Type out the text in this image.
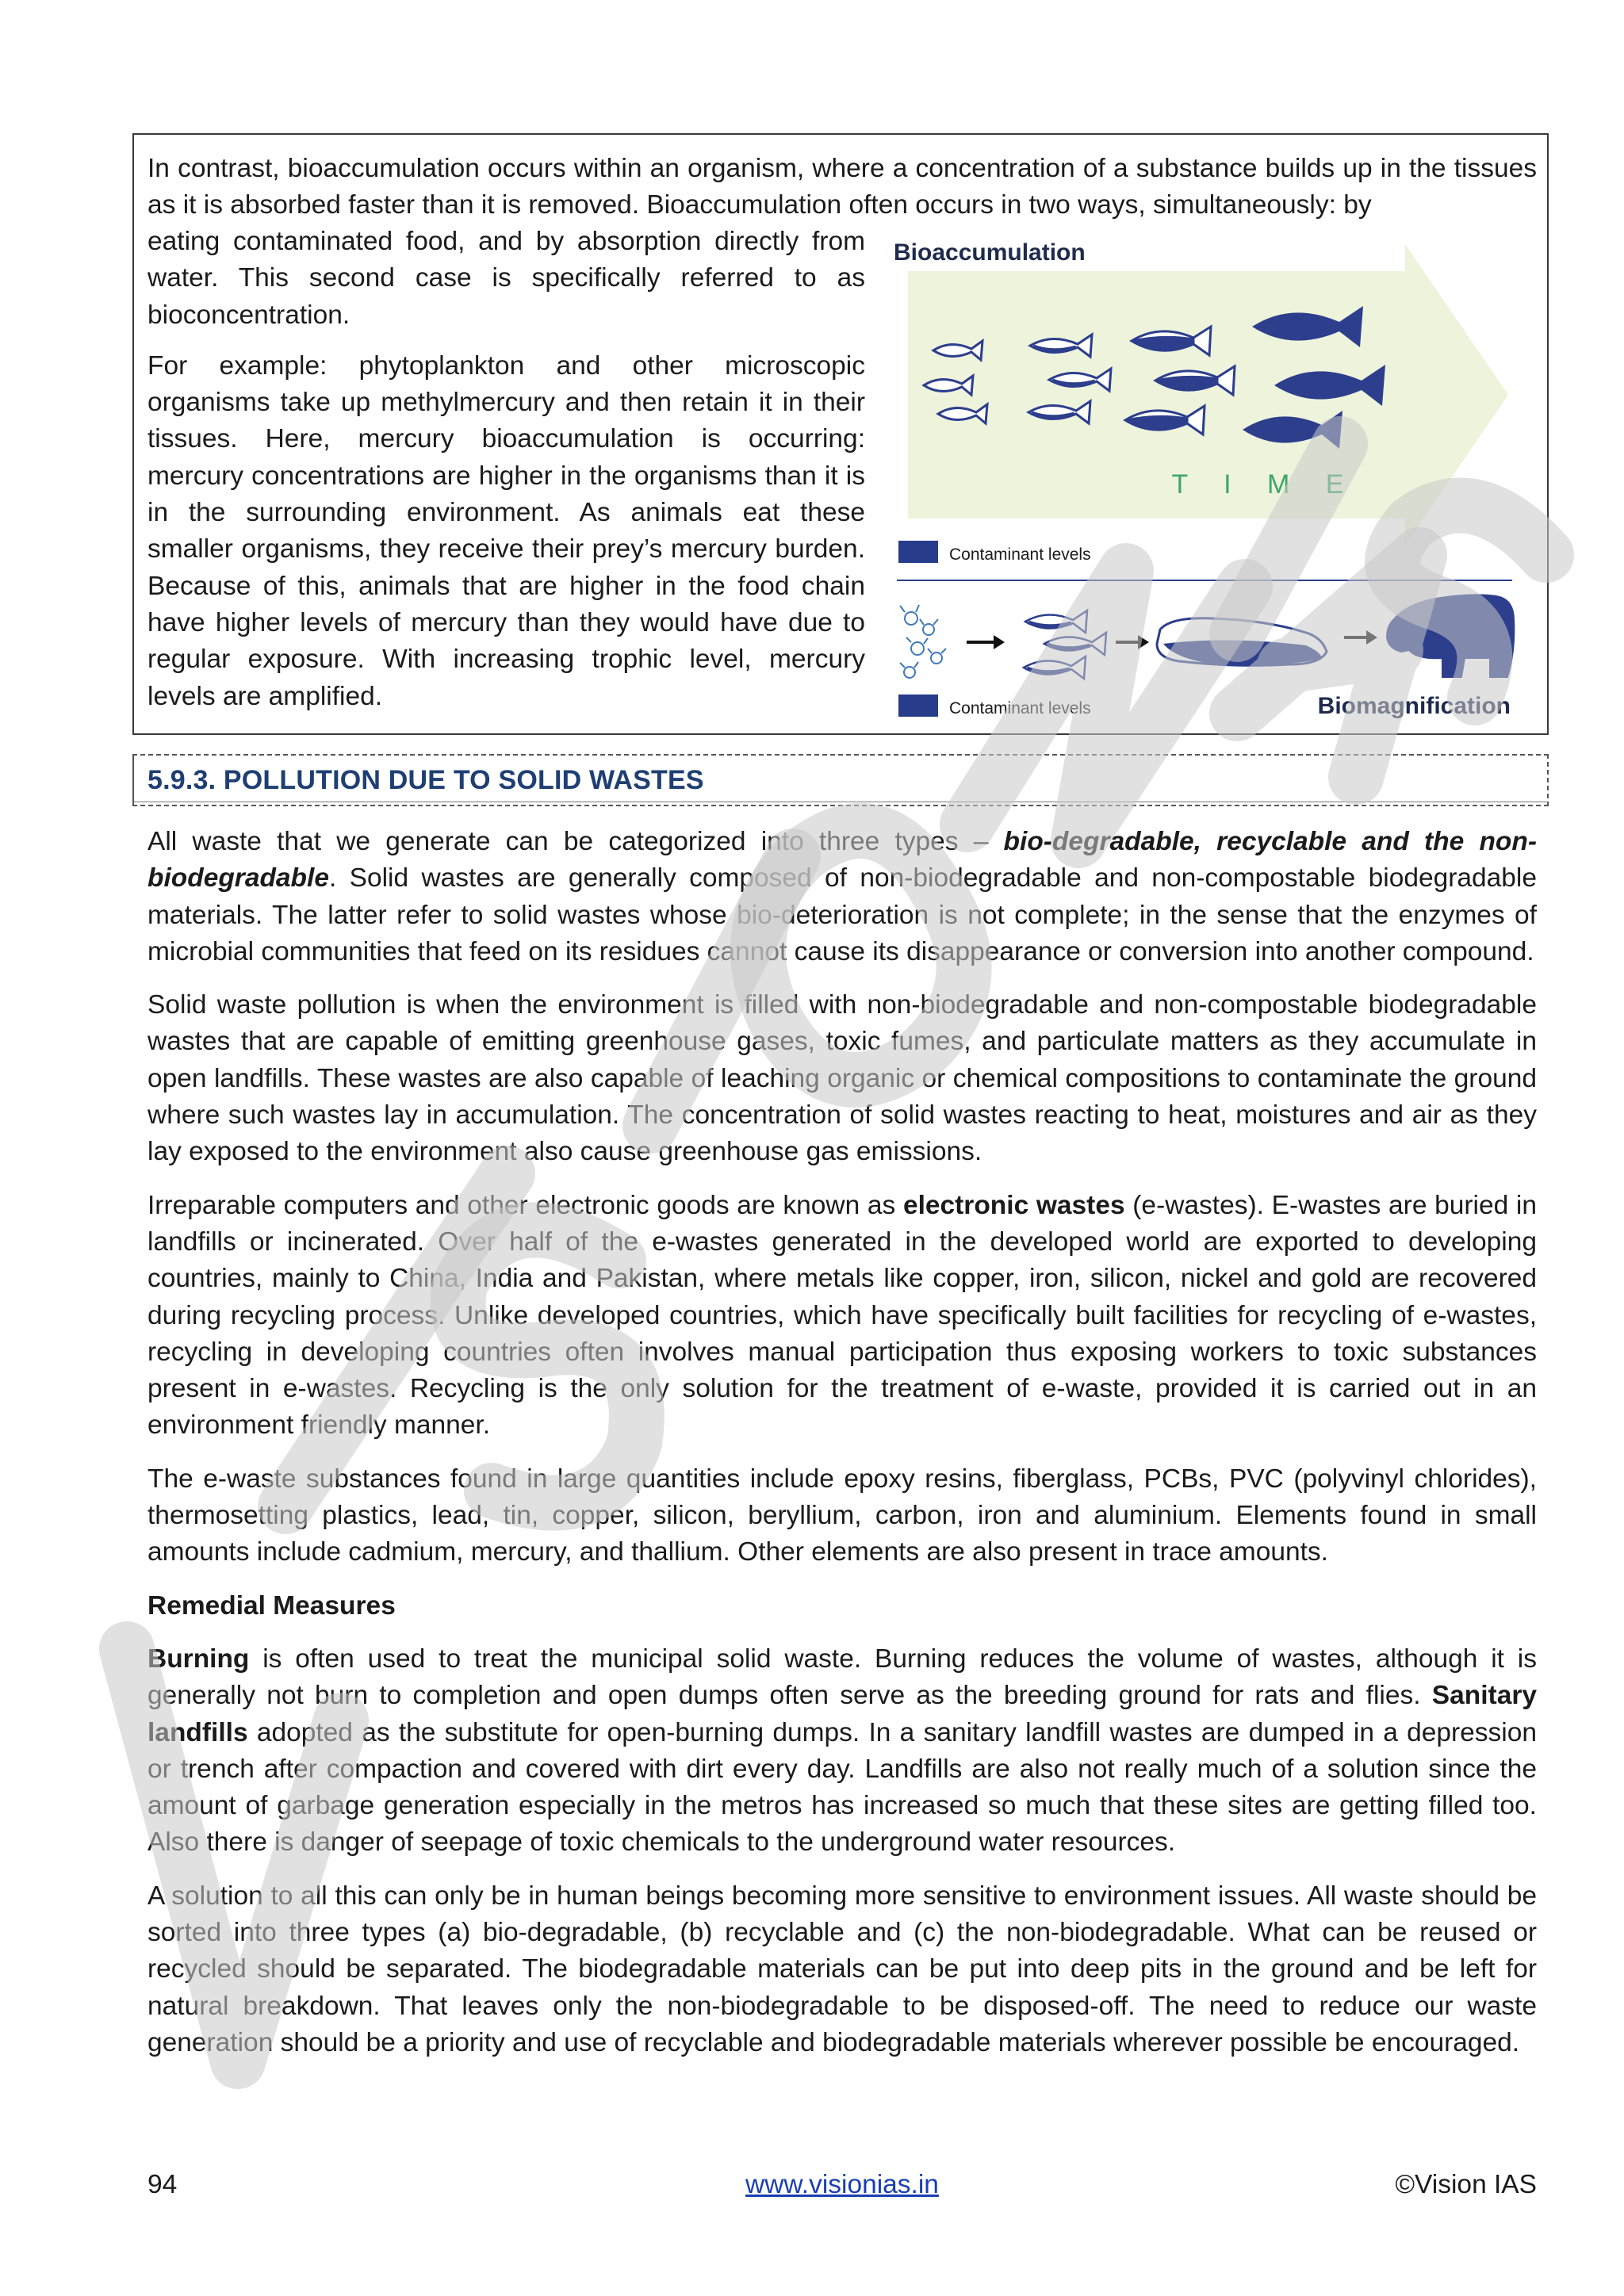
In contrast, bioaccumulation occurs within an organism, where a concentration of a substance builds up in the tissues as it is absorbed faster than it is removed. Bioaccumulation often occurs in two ways, simultaneously: by

eating contaminated food, and by absorption directly from water. This second case is specifically referred to as bioconcentration.

For example: phytoplankton and other microscopic organisms take up methylmercury and then retain it in their tissues. Here, mercury bioaccumulation is occurring: mercury concentrations are higher in the organisms than it is in the surrounding environment. As animals eat these smaller organisms, they receive their prey’s mercury burden. Because of this, animals that are higher in the food chain have higher levels of mercury than they would have due to regular exposure. With increasing trophic level, mercury levels are amplified.

Bioaccumulation
T I M E
Contaminant levels
Contaminant levels	Biomagnification
5.9.3. POLLUTION DUE TO SOLID WASTES

All waste that we generate can be categorized into three types – bio-degradable, recyclable and the non-biodegradable. Solid wastes are generally composed of non-biodegradable and non-compostable biodegradable materials. The latter refer to solid wastes whose bio-deterioration is not complete; in the sense that the enzymes of microbial communities that feed on its residues cannot cause its disappearance or conversion into another compound.

Solid waste pollution is when the environment is filled with non-biodegradable and non-compostable biodegradable wastes that are capable of emitting greenhouse gases, toxic fumes, and particulate matters as they accumulate in open landfills. These wastes are also capable of leaching organic or chemical compositions to contaminate the ground where such wastes lay in accumulation. The concentration of solid wastes reacting to heat, moistures and air as they lay exposed to the environment also cause greenhouse gas emissions.

Irreparable computers and other electronic goods are known as electronic wastes (e-wastes). E-wastes are buried in landfills or incinerated. Over half of the e-wastes generated in the developed world are exported to developing countries, mainly to China, India and Pakistan, where metals like copper, iron, silicon, nickel and gold are recovered during recycling process. Unlike developed countries, which have specifically built facilities for recycling of e-wastes, recycling in developing countries often involves manual participation thus exposing workers to toxic substances present in e-wastes. Recycling is the only solution for the treatment of e-waste, provided it is carried out in an environment friendly manner.

The e-waste substances found in large quantities include epoxy resins, fiberglass, PCBs, PVC (polyvinyl chlorides), thermosetting plastics, lead, tin, copper, silicon, beryllium, carbon, iron and aluminium. Elements found in small amounts include cadmium, mercury, and thallium. Other elements are also present in trace amounts.

Remedial Measures

Burning is often used to treat the municipal solid waste. Burning reduces the volume of wastes, although it is generally not burn to completion and open dumps often serve as the breeding ground for rats and flies. Sanitary landfills adopted as the substitute for open-burning dumps. In a sanitary landfill wastes are dumped in a depression or trench after compaction and covered with dirt every day. Landfills are also not really much of a solution since the amount of garbage generation especially in the metros has increased so much that these sites are getting filled too. Also there is danger of seepage of toxic chemicals to the underground water resources.

A solution to all this can only be in human beings becoming more sensitive to environment issues. All waste should be sorted into three types (a) bio-degradable, (b) recyclable and (c) the non-biodegradable. What can be reused or recycled should be separated. The biodegradable materials can be put into deep pits in the ground and be left for natural breakdown. That leaves only the non-biodegradable to be disposed-off. The need to reduce our waste generation should be a priority and use of recyclable and biodegradable materials wherever possible be encouraged.

94	www.visionias.in	©Vision IAS
